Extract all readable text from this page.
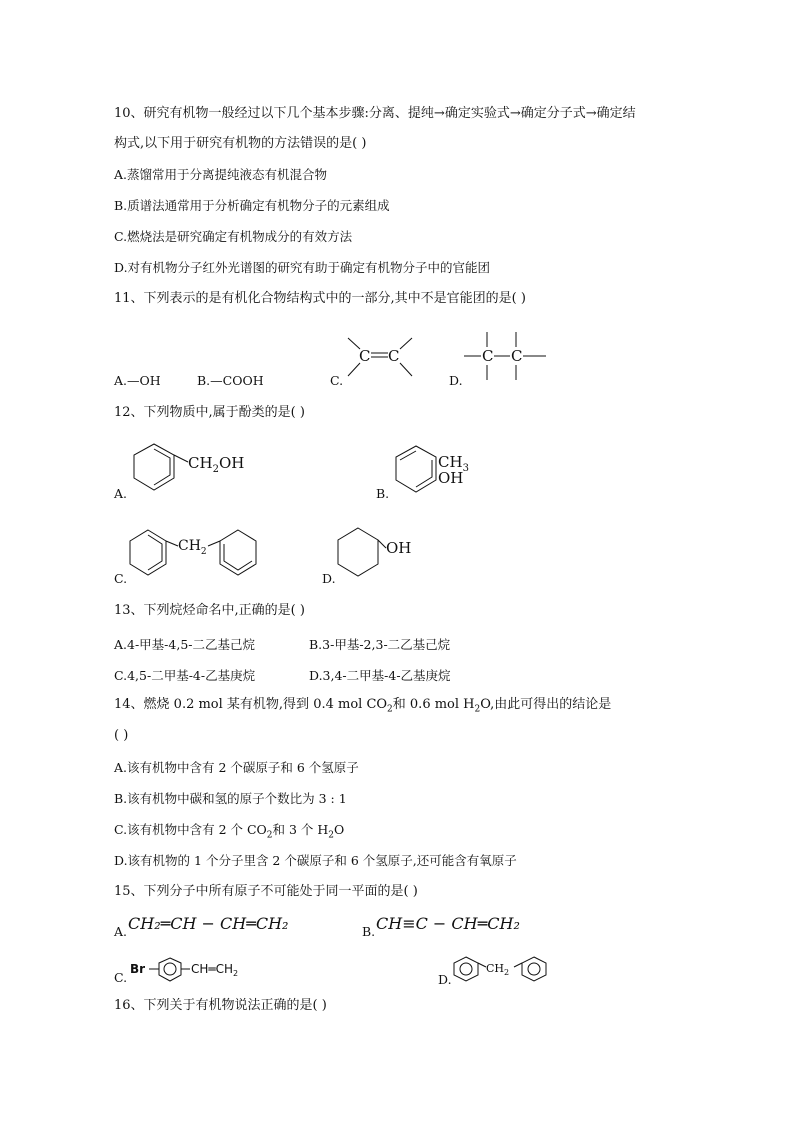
10、研究有机物一般经过以下几个基本步骤:分离、提纯→确定实验式→确定分子式→确定结
构式,以下用于研究有机物的方法错误的是( )
A.蒸馏常用于分离提纯液态有机混合物
B.质谱法通常用于分析确定有机物分子的元素组成
C.燃烧法是研究确定有机物成分的有效方法
D.对有机物分子红外光谱图的研究有助于确定有机物分子中的官能团
11、下列表示的是有机化合物结构式中的一部分,其中不是官能团的是( )
A.—OH	B.—COOH	C.
C C
D.
C C
12、下列物质中,属于酚类的是( )
A.
$CH_2OH$
B.
$CH_3$
OH
C.
$CH_2$
D.
OH
13、下列烷烃命名中,正确的是( )
A.4-甲基-4,5-二乙基己烷	B.3-甲基-2,3-二乙基己烷
C.4,5-二甲基-4-乙基庚烷	D.3,4-二甲基-4-乙基庚烷
14、燃烧 0.2 mol 某有机物,得到 0.4 mol $CO_2$和 0.6 mol $H_2O$,由此可得出的结论是
( )
A.该有机物中含有 2 个碳原子和 6 个氢原子
B.该有机物中碳和氢的原子个数比为 3 : 1
C.该有机物中含有 2 个 $CO_2$和 3 个 $H_2O$
D.该有机物的 1 个分子里含 2 个碳原子和 6 个氢原子,还可能含有氧原子
15、下列分子中所有原子不可能处于同一平面的是( )
A. CH₂═CH − CH═CH₂	B. CH≡C − CH═CH₂
C.
Br	$CH═CH_2$	D.
$CH_2$
16、下列关于有机物说法正确的是( )
